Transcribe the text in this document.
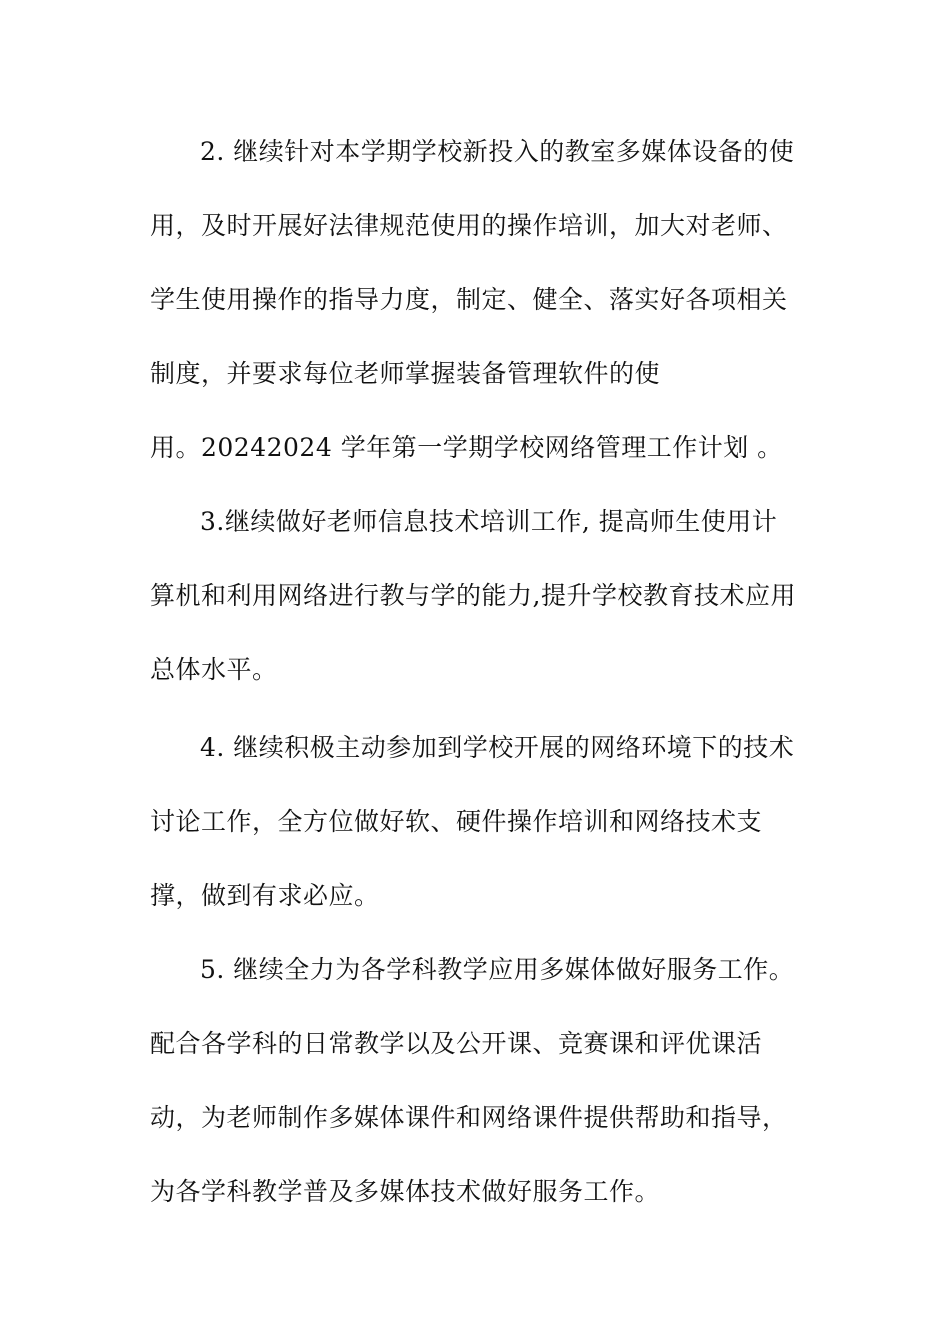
2. 继续针对本学期学校新投入的教室多媒体设备的使
用，及时开展好法律规范使用的操作培训，加大对老师、
学生使用操作的指导力度，制定、健全、落实好各项相关
制度，并要求每位老师掌握装备管理软件的使
用。20242024 学年第一学期学校网络管理工作计划 。
3.继续做好老师信息技术培训工作, 提高师生使用计
算机和利用网络进行教与学的能力,提升学校教育技术应用
总体水平。
4. 继续积极主动参加到学校开展的网络环境下的技术
讨论工作，全方位做好软、硬件操作培训和网络技术支
撑，做到有求必应。
5. 继续全力为各学科教学应用多媒体做好服务工作。
配合各学科的日常教学以及公开课、竞赛课和评优课活
动，为老师制作多媒体课件和网络课件提供帮助和指导，
为各学科教学普及多媒体技术做好服务工作。
